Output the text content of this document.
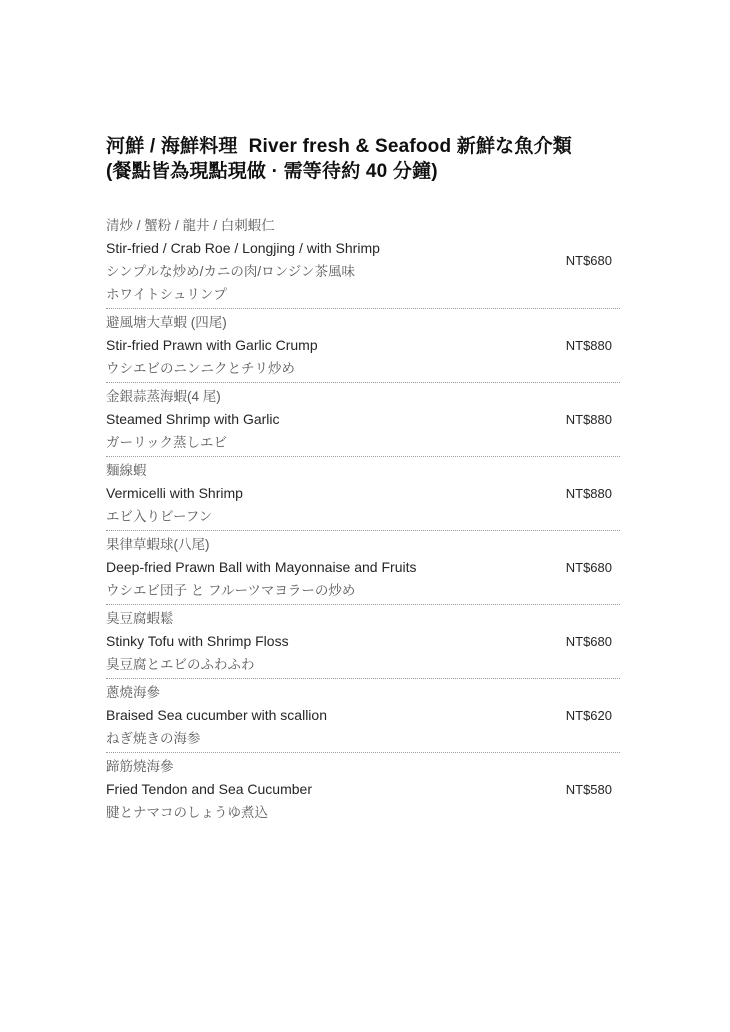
河鮮 / 海鮮料理  River fresh & Seafood 新鮮な魚介類
(餐點皆為現點現做 · 需等待約 40 分鐘)
清炒 / 蟹粉 / 龍井 / 白刺蝦仁
Stir-fried / Crab Roe / Longjing / with Shrimp
シンプルな炒め/カニの肉/ロンジン茶風味
ホワイトシュリンプ
NT$680
避風塘大草蝦 (四尾)
Stir-fried Prawn with Garlic Crump
ウシエビのニンニクとチリ炒め
NT$880
金銀蒜蒸海蝦(4 尾)
Steamed Shrimp with Garlic
ガーリック蒸しエビ
NT$880
麵線蝦
Vermicelli with Shrimp
エビ入りビーフン
NT$880
果律草蝦球(八尾)
Deep-fried Prawn Ball with Mayonnaise and Fruits
ウシエビ団子 と フルーツマヨラーの炒め
NT$680
臭豆腐蝦鬆
Stinky Tofu with Shrimp Floss
臭豆腐とエビのふわふわ
NT$680
蔥燒海參
Braised Sea cucumber with scallion
ねぎ焼きの海参
NT$620
蹄筋燒海參
Fried Tendon and Sea Cucumber
腱とナマコのしょうゆ煮込
NT$580
